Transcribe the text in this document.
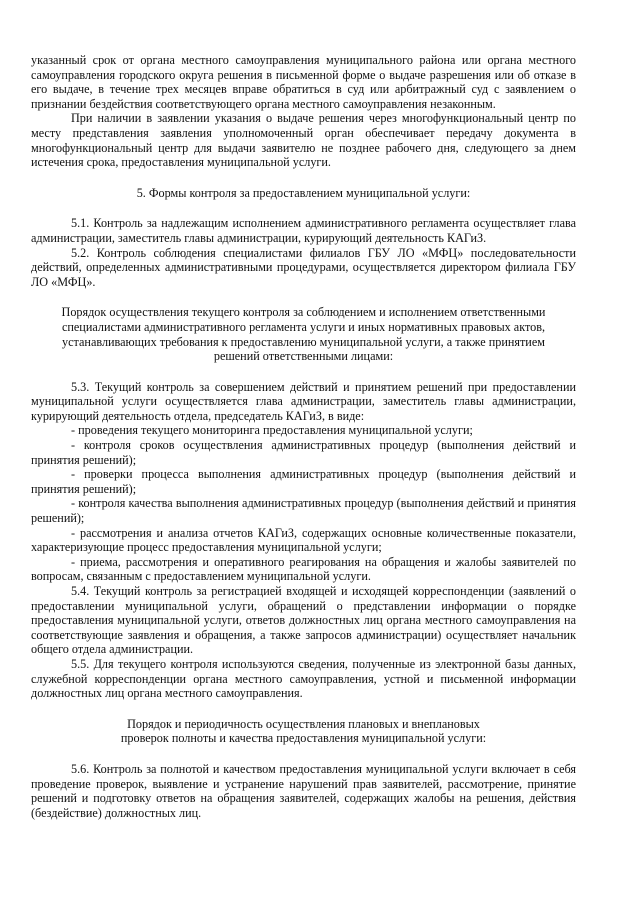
указанный срок от органа местного самоуправления муниципального района или органа местного самоуправления городского округа решения в письменной форме о выдаче разрешения или об отказе в его выдаче, в течение трех месяцев вправе обратиться в суд или арбитражный суд с заявлением о признании бездействия соответствующего органа местного самоуправления незаконным.

При наличии в заявлении указания о выдаче решения через многофункциональный центр по месту представления заявления уполномоченный орган обеспечивает передачу документа в многофункциональный центр для выдачи заявителю не позднее рабочего дня, следующего за днем истечения срока, предоставления муниципальной услуги.

5. Формы контроля за предоставлением муниципальной услуги:

5.1. Контроль за надлежащим исполнением административного регламента осуществляет глава администрации, заместитель главы администрации, курирующий деятельность КАГиЗ.

5.2. Контроль соблюдения специалистами филиалов ГБУ ЛО «МФЦ» последовательности действий, определенных административными процедурами, осуществляется директором филиала ГБУ ЛО «МФЦ».

Порядок осуществления текущего контроля за соблюдением и исполнением ответственными

специалистами административного регламента услуги и иных нормативных правовых актов,

устанавливающих требования к предоставлению муниципальной услуги, а также принятием

решений ответственными лицами:

5.3. Текущий контроль за совершением действий и принятием решений при предоставлении муниципальной услуги осуществляется глава администрации, заместитель главы администрации, курирующий деятельность отдела, председатель КАГиЗ, в виде:

- проведения текущего мониторинга предоставления муниципальной услуги;

- контроля сроков осуществления административных процедур (выполнения действий и принятия решений);

- проверки процесса выполнения административных процедур (выполнения действий и принятия решений);

- контроля качества выполнения административных процедур (выполнения действий и принятия решений);

- рассмотрения и анализа отчетов КАГиЗ, содержащих основные количественные показатели, характеризующие процесс предоставления муниципальной услуги;

- приема, рассмотрения и оперативного реагирования на обращения и жалобы заявителей по вопросам, связанным с предоставлением муниципальной услуги.

5.4. Текущий контроль за регистрацией входящей и исходящей корреспонденции (заявлений о предоставлении муниципальной услуги, обращений о представлении информации о порядке предоставления муниципальной услуги, ответов должностных лиц органа местного самоуправления на соответствующие заявления и обращения, а также запросов администрации) осуществляет начальник общего отдела администрации.

5.5. Для текущего контроля используются сведения, полученные из электронной базы данных, служебной корреспонденции органа местного самоуправления, устной и письменной информации должностных лиц органа местного самоуправления.

Порядок и периодичность осуществления плановых и внеплановых

проверок полноты и качества предоставления муниципальной услуги:

5.6. Контроль за полнотой и качеством предоставления муниципальной услуги включает в себя проведение проверок, выявление и устранение нарушений прав заявителей, рассмотрение, принятие решений и подготовку ответов на обращения заявителей, содержащих жалобы на решения, действия (бездействие) должностных лиц.
